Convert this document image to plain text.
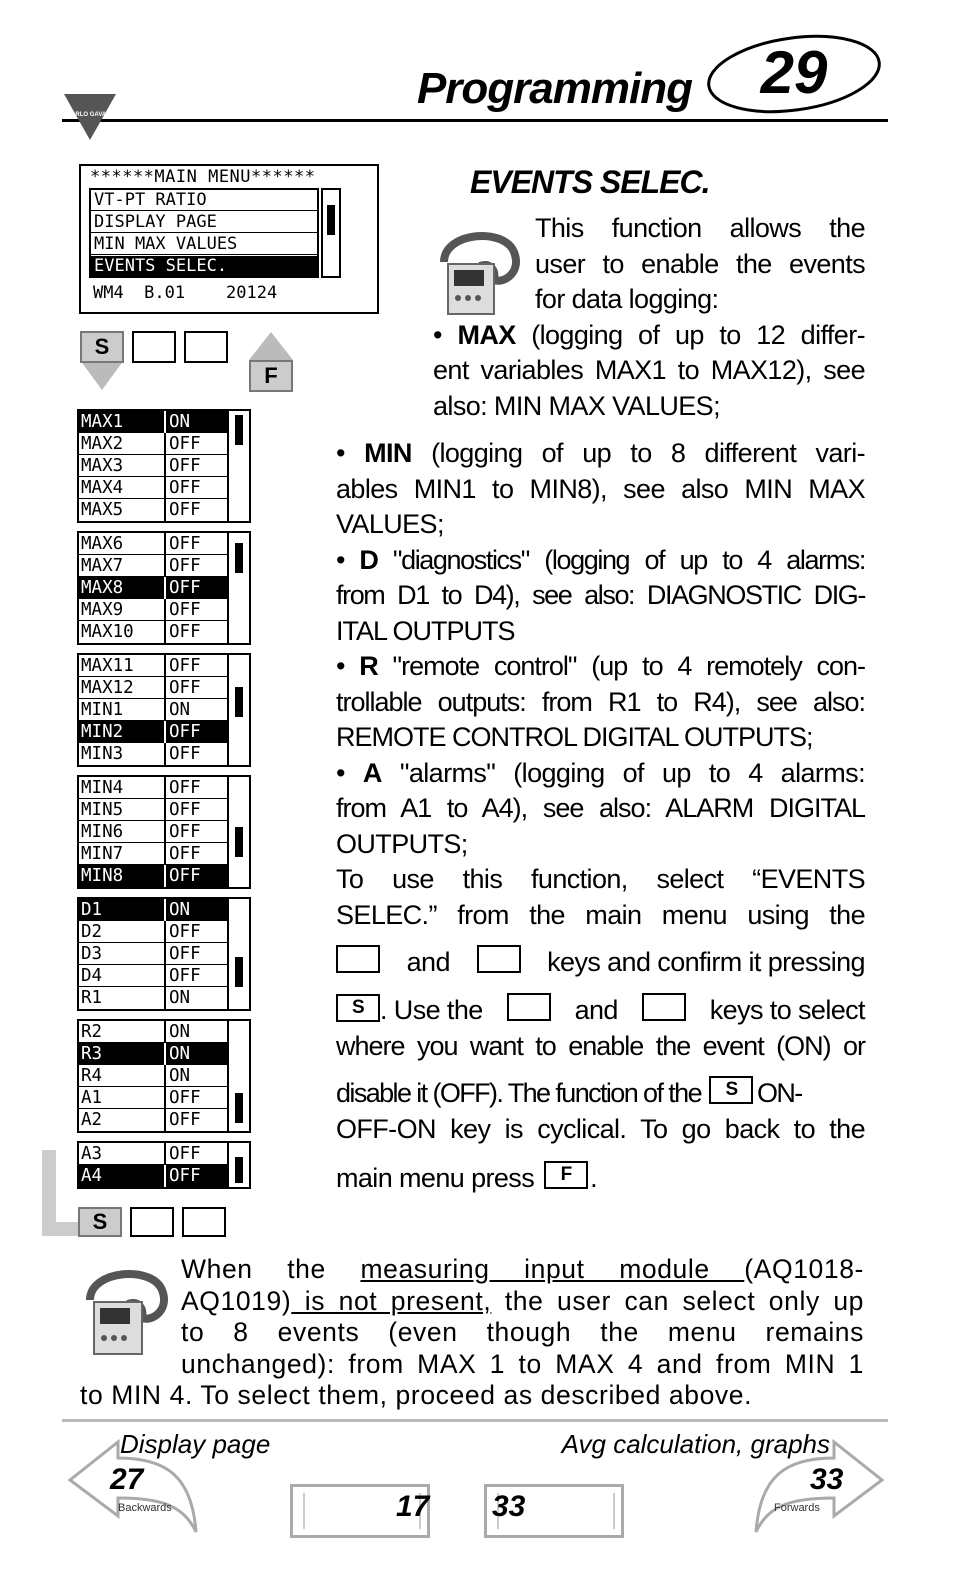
Programming	29
CARLO GAVAZZI
******MAIN MENU******
VT-PT RATIO
DISPLAY PAGE
MIN MAX VALUES
EVENTS SELEC.
WM4  B.01    20124
S
F
MAX1	ON
MAX2	OFF
MAX3	OFF
MAX4	OFF
MAX5	OFF
MAX6	OFF
MAX7	OFF
MAX8	OFF
MAX9	OFF
MAX10 OFF
MAX11 OFF
MAX12 OFF
MIN1	ON
MIN2	OFF
MIN3	OFF
MIN4	OFF
MIN5	OFF
MIN6	OFF
MIN7	OFF
MIN8	OFF
D1	ON
D2	OFF
D3	OFF
D4	OFF
R1	ON
R2	ON
R3	ON
R4	ON
A1	OFF
A2	OFF
A3	OFF
A4	OFF
S
EVENTS SELEC.
This function allows the
user to enable the events
for data logging:
• MAX (logging of up to 12 differ-
ent variables MAX1 to MAX12), see
also: MIN MAX VALUES;
• MIN (logging of up to 8 different vari-
ables MIN1 to MIN8), see also MIN MAX
VALUES;
• D "diagnostics" (logging of up to 4 alarms:
from D1 to D4), see also: DIAGNOSTIC DIG-
ITAL OUTPUTS
• R "remote control" (up to 4 remotely con-
trollable outputs: from R1 to R4), see also:
REMOTE CONTROL DIGITAL OUTPUTS;
• A "alarms" (logging of up to 4 alarms:
from A1 to A4), see also: ALARM DIGITAL
OUTPUTS;
To use this function, select “EVENTS
SELEC.” from the main menu using the
and	keys and confirm it pressing
S . Use the	and	keys to select
where you want to enable the event (ON) or
disable it (OFF). The function of the	S ON-
OFF-ON key is cyclical. To go back to the
main menu press	F .
When the measuring input module (AQ1018-
AQ1019) is not present, the user can select only up
to 8 events (even though the menu remains
unchanged): from MAX 1 to MAX 4 and from MIN 1
to MIN 4. To select them, proceed as described above.
Display page
27
Backwards
Avg calculation, graphs
33
Forwards
17 33
